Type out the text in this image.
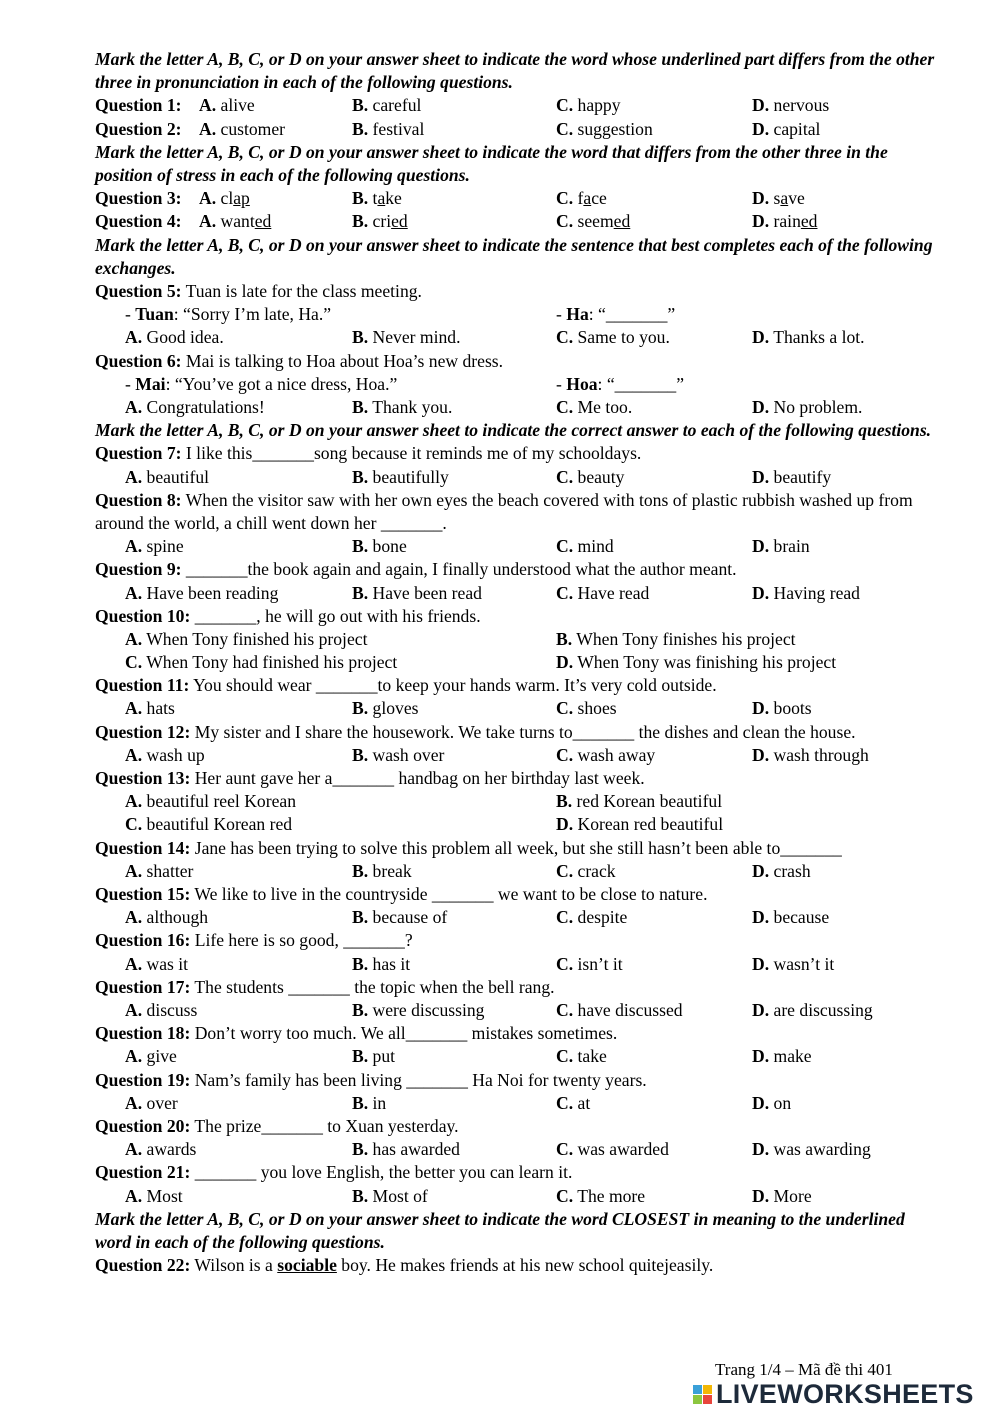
Mark the letter A, B, C, or D on your answer sheet to indicate the word whose underlined part differs from the other three in pronunciation in each of the following questions.
Question 1: A. alive	B. careful	C. happy	D. nervous
Question 2: A. customer	B. festival	C. suggestion	D. capital
Mark the letter A, B, C, or D on your answer sheet to indicate the word that differs from the other three in the position of stress in each of the following questions.
Question 3: A. clap	B. take	C. face	D. save
Question 4: A. wanted	B. cried	C. seemed	D. rained
Mark the letter A, B, C, or D on your answer sheet to indicate the sentence that best completes each of the following exchanges.
Question 5: Tuan is late for the class meeting.
- Tuan: “Sorry I’m late, Ha.”	- Ha: “_______”
A. Good idea.	B. Never mind.	C. Same to you.	D. Thanks a lot.
Question 6: Mai is talking to Hoa about Hoa’s new dress.
- Mai: “You’ve got a nice dress, Hoa.”	- Hoa: “_______”
A. Congratulations!	B. Thank you.	C. Me too.	D. No problem.
Mark the letter A, B, C, or D on your answer sheet to indicate the correct answer to each of the following questions.
Question 7: I like this_______song because it reminds me of my schooldays.
A. beautiful	B. beautifully	C. beauty	D. beautify
Question 8: When the visitor saw with her own eyes the beach covered with tons of plastic rubbish washed up from around the world, a chill went down her _______.
A. spine	B. bone	C. mind	D. brain
Question 9: _______the book again and again, I finally understood what the author meant.
A. Have been reading	B. Have been read	C. Have read	D. Having read
Question 10: _______, he will go out with his friends.
A. When Tony finished his project	B. When Tony finishes his project
C. When Tony had finished his project	D. When Tony was finishing his project
Question 11: You should wear _______to keep your hands warm. It’s very cold outside.
A. hats	B. gloves	C. shoes	D. boots
Question 12: My sister and I share the housework. We take turns to_______ the dishes and clean the house.
A. wash up	B. wash over	C. wash away	D. wash through
Question 13: Her aunt gave her a_______ handbag on her birthday last week.
A. beautiful reel Korean	B. red Korean beautiful
C. beautiful Korean red	D. Korean red beautiful
Question 14: Jane has been trying to solve this problem all week, but she still hasn’t been able to_______
A. shatter	B. break	C. crack	D. crash
Question 15: We like to live in the countryside _______ we want to be close to nature.
A. although	B. because of	C. despite	D. because
Question 16: Life here is so good, _______?
A. was it	B. has it	C. isn’t it	D. wasn’t it
Question 17: The students _______ the topic when the bell rang.
A. discuss	B. were discussing	C. have discussed	D. are discussing
Question 18: Don’t worry too much. We all_______ mistakes sometimes.
A. give	B. put	C. take	D. make
Question 19: Nam’s family has been living _______ Ha Noi for twenty years.
A. over	B. in	C. at	D. on
Question 20: The prize_______ to Xuan yesterday.
A. awards	B. has awarded	C. was awarded	D. was awarding
Question 21: _______ you love English, the better you can learn it.
A. Most	B. Most of	C. The more	D. More
Mark the letter A, B, C, or D on your answer sheet to indicate the word CLOSEST in meaning to the underlined word in each of the following questions.
Question 22: Wilson is a sociable boy. He makes friends at his new school quitejeasily.
Trang 1/4 – Mã đề thi 401
LIVEWORKSHEETS
